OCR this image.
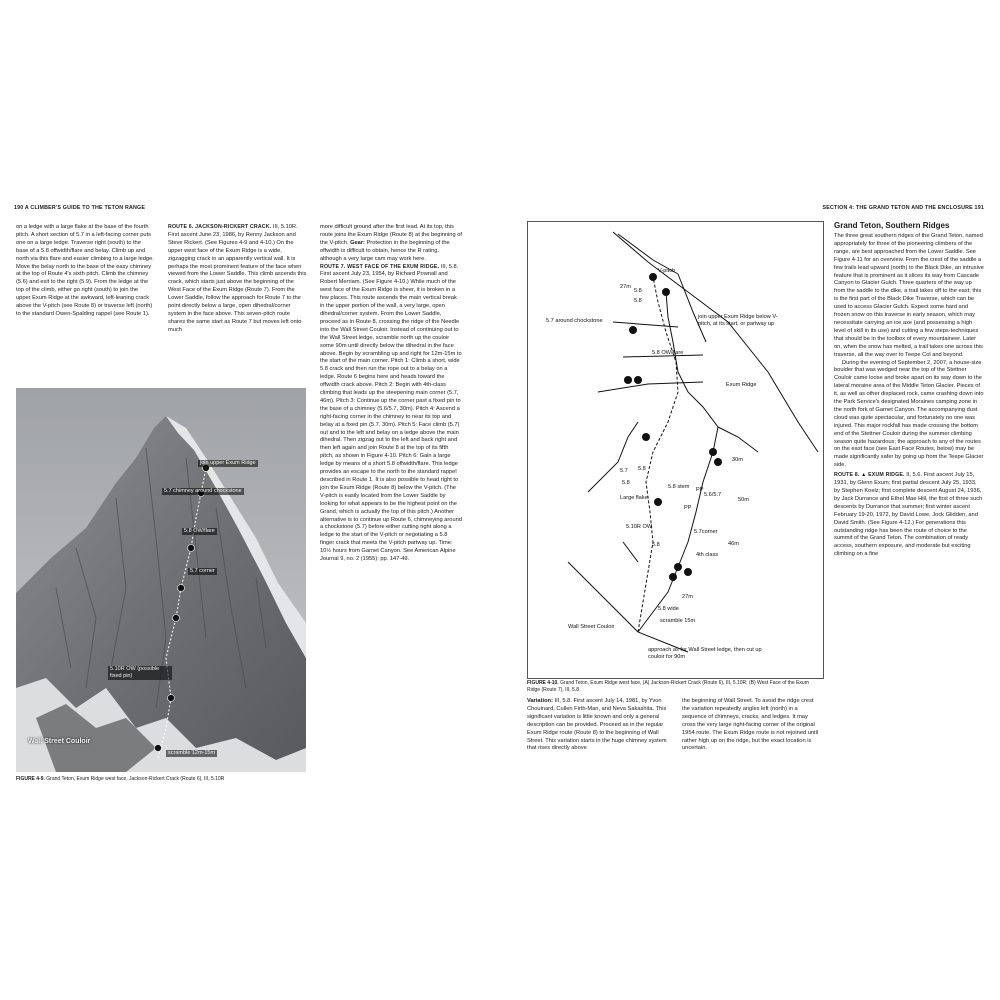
190 A CLIMBER'S GUIDE TO THE TETON RANGE	SECTION 4: THE GRAND TETON AND THE ENCLOSURE 191

on a ledge with a large flake at the base of the fourth pitch. A short section of 5.7 in a left-facing corner puts one on a large ledge. Traverse right (south) to the base of a 5.8 offwidth/flare and belay. Climb up and north via this flare and easier climbing to a large ledge. Move the belay north to the base of the easy chimney at the top of Route 4's sixth pitch. Climb the chimney (5.6) and exit to the right (5.9). From the ledge at the top of the climb, either go right (south) to join the upper Exum Ridge at the awkward, left-leaning crack above the V-pitch (see Route 8) or traverse left (north) to the standard Owen-Spalding rappel (see Route 1).

ROUTE 6. JACKSON-RICKERT CRACK. III, 5.10R. First ascent June 23, 1986, by Renny Jackson and Steve Rickert. (See Figures 4-9 and 4-10.) On the upper west face of the Exum Ridge is a wide, zigzagging crack in an apparently vertical wall. It is perhaps the most prominent feature of the face when viewed from the Lower Saddle. This climb ascends this crack, which starts just above the beginning of the West Face of the Exum Ridge (Route 7). From the Lower Saddle, follow the approach for Route 7 to the point directly below a large, open dihedral/corner system in the face above. This seven-pitch route shares the same start as Route 7 but moves left onto much

more difficult ground after the first lead. At its top, this route joins the Exum Ridge (Route 8) at the beginning of the V-pitch. Gear: Protection in the beginning of the offwidth is difficult to obtain, hence the R rating, although a very large cam may work here.

ROUTE 7. WEST FACE OF THE EXUM RIDGE. III, 5.8. First ascent July 23, 1954, by Richard Pownall and Robert Merriam. (See Figure 4-10.) While much of the west face of the Exum Ridge is sheer, it is broken in a few places. This route ascends the main vertical break in the upper portion of the wall, a very large, open dihedral/corner system. From the Lower Saddle, proceed as in Route 8, crossing the ridge of the Needle into the Wall Street Couloir. Instead of continuing out to the Wall Street ledge, scramble north up the couloir some 90m until directly below the dihedral in the face above. Begin by scrambling up and right for 12m-15m to the start of the main corner. Pitch 1: Climb a short, wide 5.8 crack and then run the rope out to a belay on a ledge. Route 6 begins here and heads toward the offwidth crack above. Pitch 2: Begin with 4th-class climbing that leads up the steepening main corner (5.7, 46m). Pitch 3: Continue up the corner past a fixed pin to the base of a chimney (5.6/5.7, 30m). Pitch 4: Ascend a right-facing corner in the chimney to near its top and belay at a fixed pin (5.7, 30m). Pitch 5: Face climb (5.7) out and to the left and belay on a ledge above the main dihedral. Then zigzag out to the left and back right and then left again and join Route 8 at the top of its fifth pitch, as shown in Figure 4-10. Pitch 6: Gain a large ledge by means of a short 5.8 offwidth/flare. This ledge provides an escape to the north to the standard rappel described in Route 1. It is also possible to head right to join the Exum Ridge (Route 8) below the V-pitch. (The V-pitch is easily located from the Lower Saddle by looking for what appears to be the highest point on the Grand, which is actually the top of this pitch.) Another alternative is to continue up Route 6, chimneying around a chockstone (5.7) before either cutting right along a ledge to the start of the V-pitch or negotiating a 5.8 finger crack that meets the V-pitch partway up. Time: 10½ hours from Garnet Canyon. See American Alpine Journal 9, no. 2 (1955): pp. 147-49.

join upper Exum Ridge
5.7 chimney around chockstone
5.8 OW/flare
5.7 corner
5.10R OW (possible fixed pin)
Wall Street Couloir
scramble 12m-15m
FIGURE 4-9. Grand Teton, Exum Ridge west face, Jackson-Rickert Crack (Route 6), III, 5.10R
V-pitch
27m
5.8
5.8
join upper Exum Ridge below V-pitch, at its start, or partway up
5.7 around chockstone
5.8 OW/flare
Exum Ridge
5.7 5.8
30m
5.8
5.8 stem PP
5.6/5.7
50m
Large flake
PP
5.10R OW
5.7corner
46m
4th class
5.8
27m
5.8 wide
scramble 15m
Wall Street Couloir
approach as for Wall Street ledge, then cut up couloir for 90m
FIGURE 4-10. Grand Teton, Exum Ridge west face, (A) Jackson-Rickert Crack (Route 6), III, 5.10R; (B) West Face of the Exum Ridge (Route 7), III, 5.8

Variation: III, 5.8. First ascent July 14, 1981, by Yvon Chouinard, Cullen Firth-Man, and Neva Sakashita. This significant variation is little known and only a general description can be provided. Proceed as in the regular Exum Ridge route (Route 8) to the beginning of Wall Street. This variation starts in the huge chimney system that rises directly above

the beginning of Wall Street. To avoid the ridge crest the variation repeatedly angles left (north) in a sequence of chimneys, cracks, and ledges. It may cross the very large right-facing corner of the original 1954 route. The Exum Ridge route is not rejoined until rather high up on the ridge, but the exact location is uncertain.

Grand Teton, Southern Ridges

The three great southern ridges of the Grand Teton, named appropriately for three of the pioneering climbers of the range, are best approached from the Lower Saddle. See Figure 4-11 for an overview. From the crest of the saddle a few trails lead upward (north) to the Black Dike, an intrusive feature that is prominent as it slices its way from Cascade Canyon to Glacier Gulch. Three quarters of the way up from the saddle to the dike, a trail takes off to the east; this is the first part of the Black Dike Traverse, which can be used to access Glacier Gulch. Expect some hard and frozen snow on this traverse in early season, which may necessitate carrying an ice axe (and possessing a high level of skill in its use) and cutting a few steps-techniques that should be in the toolbox of every mountaineer. Later on, when the snow has melted, a trail takes one across this traverse, all the way over to Teepe Col and beyond.

During the evening of September 2, 2007, a house-size boulder that was wedged near the top of the Stettner Couloir came loose and broke apart on its way down to the lateral moraine area of the Middle Teton Glacier. Pieces of it, as well as other displaced rock, came crashing down into the Park Service's designated Moraines camping zone in the north fork of Garnet Canyon. The accompanying dust cloud was quite spectacular, and fortunately no one was injured. This major rockfall has made crossing the bottom end of the Stettner Couloir during the summer climbing season quite hazardous; the approach to any of the routes on the east face (see East Face Routes, below) may be made significantly safer by going up from the Teepe Glacier side.

ROUTE 8. ▲ EXUM RIDGE. II, 5.6. First ascent July 15, 1931, by Glenn Exum; first partial descent July 25, 1933, by Stephen Koelz; first complete descent August 24, 1936, by Jack Durrance and Ethel Mae Hill, the first of three such descents by Durrance that summer; first winter ascent February 19-20, 1972, by David Lowe, Jock Glidden, and David Smith. (See Figure 4-12.) For generations this outstanding ridge has been the route of choice to the summit of the Grand Teton. The combination of ready access, southern exposure, and moderate but exciting climbing on a fine
